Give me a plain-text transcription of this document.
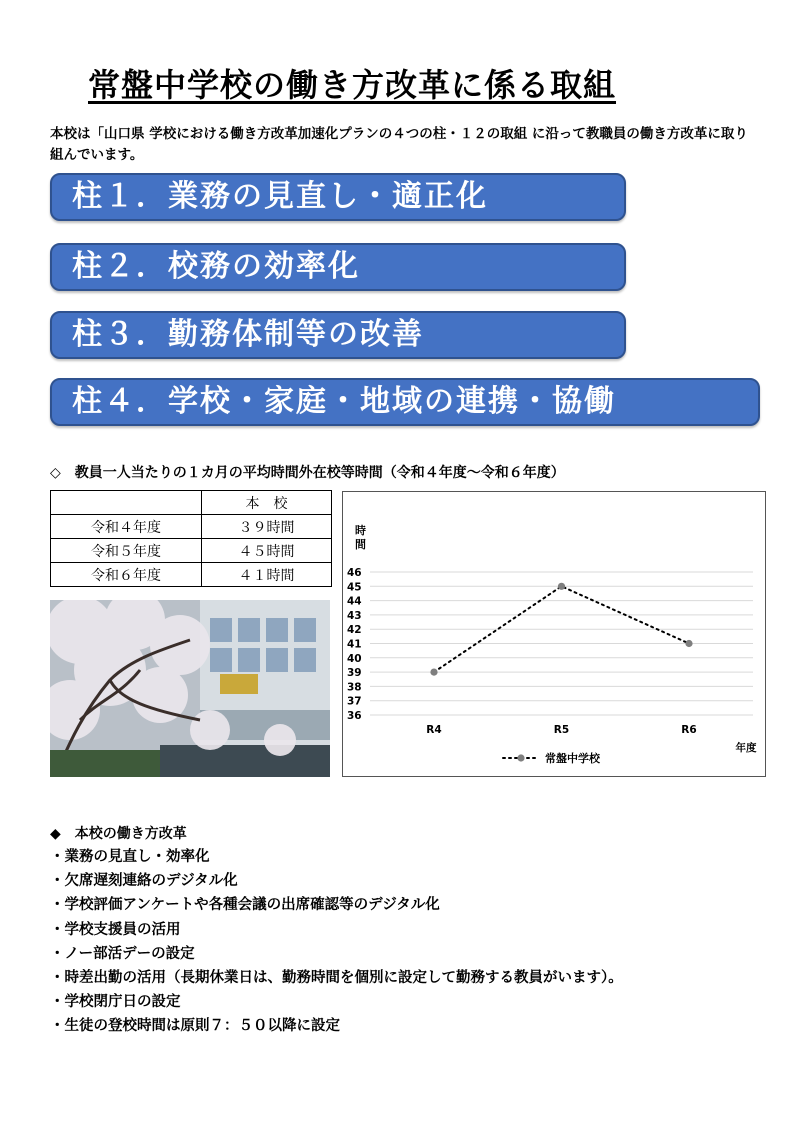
常盤中学校の働き方改革に係る取組
本校は「山口県 学校における働き方改革加速化プランの４つの柱・１２の取組 に沿って教職員の働き方改革に取り組んでいます。
柱１．業務の見直し・適正化
柱２．校務の効率化
柱３．勤務体制等の改善
柱４．学校・家庭・地域の連携・協働
◇　教員一人当たりの１カ月の平均時間外在校等時間（令和４年度～令和６年度）
	本　校
令和４年度	３９時間
令和５年度	４５時間
令和６年度	４１時間
時
間
36
37
38
39
40
41
42
43
44
45
46
R4	R5	R6
年度
常盤中学校
◆　本校の働き方改革
・業務の見直し・効率化
・欠席遅刻連絡のデジタル化
・学校評価アンケートや各種会議の出席確認等のデジタル化
・学校支援員の活用
・ノー部活デーの設定
・時差出勤の活用（長期休業日は、勤務時間を個別に設定して勤務する教員がいます）。
・学校閉庁日の設定
・生徒の登校時間は原則７：５０以降に設定
